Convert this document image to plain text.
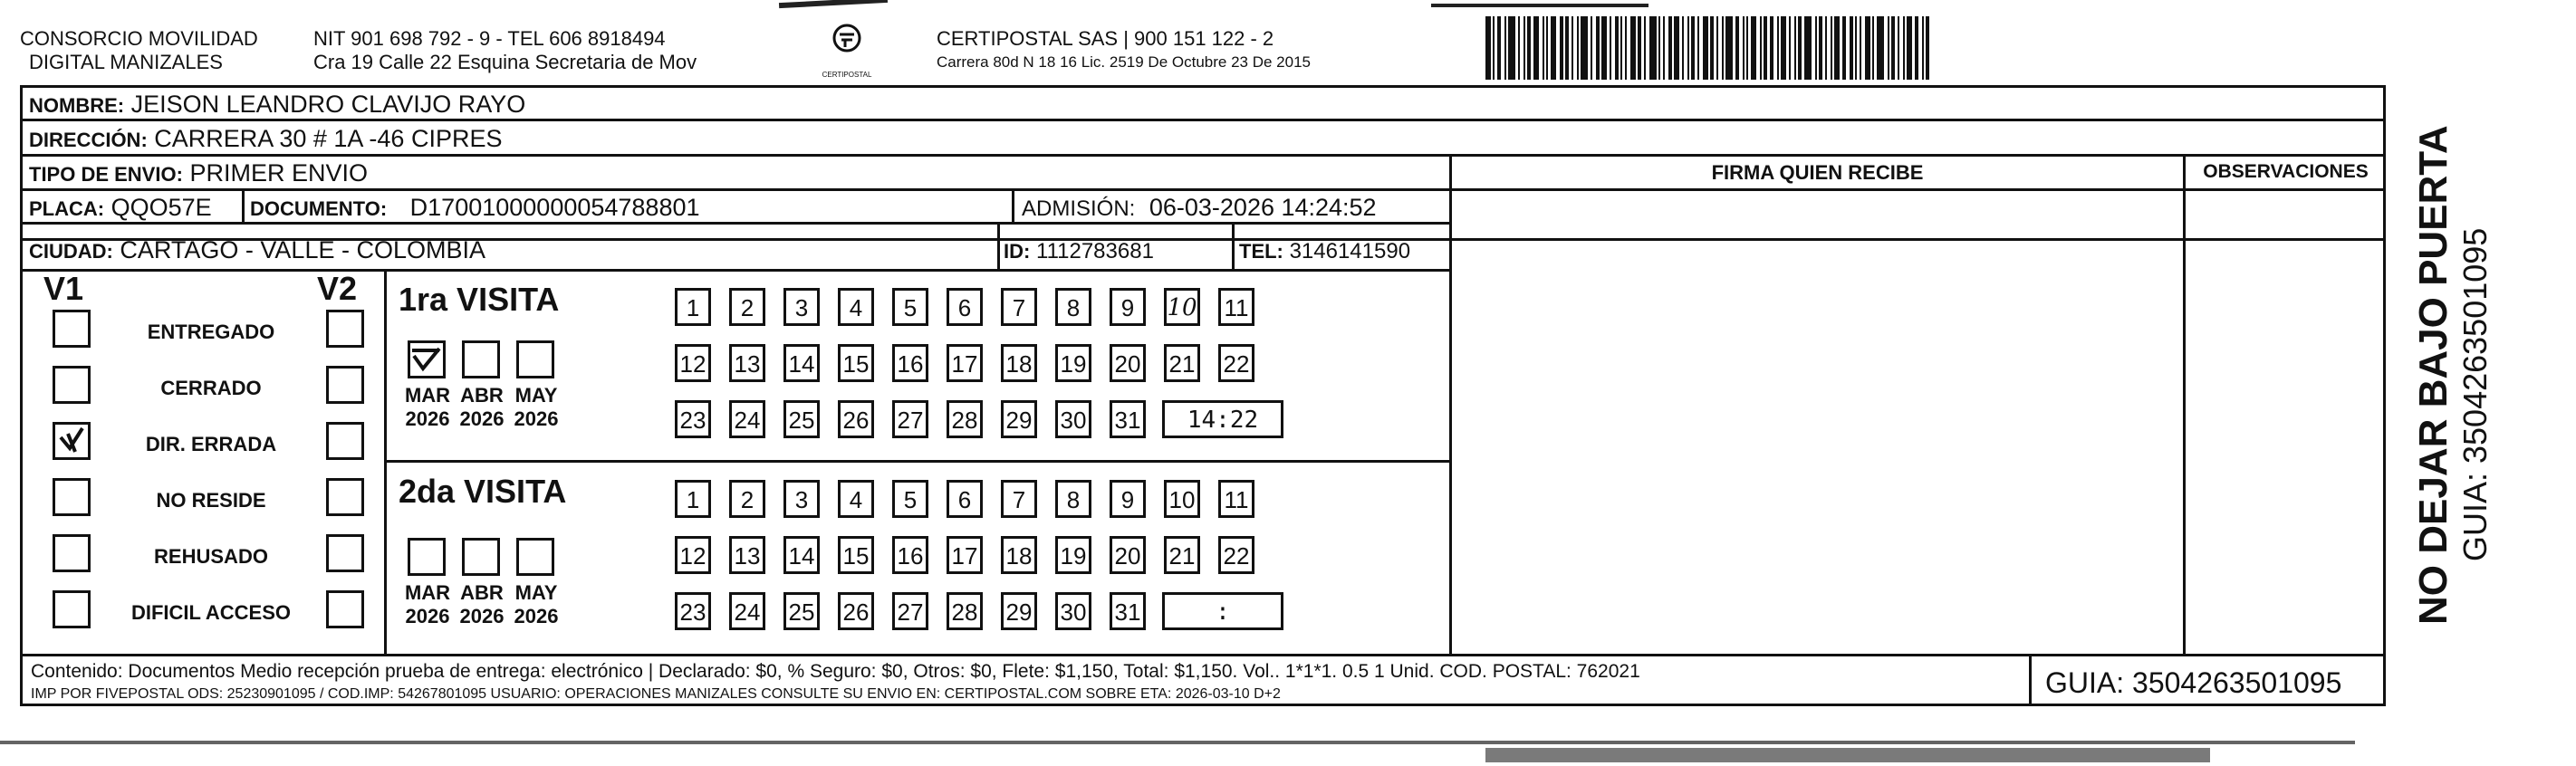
CONSORCIO MOVILIDAD
DIGITAL MANIZALES
NIT 901 698 792 - 9 - TEL 606 8918494
Cra 19 Calle 22 Esquina Secretaria de Mov
CERTIPOSTAL
CERTIPOSTAL SAS | 900 151 122 - 2
Carrera 80d N 18 16 Lic. 2519 De Octubre 23 De 2015
NOMBRE: JEISON LEANDRO CLAVIJO RAYO
DIRECCIÓN: CARRERA 30 # 1A -46 CIPRES
TIPO DE ENVIO: PRIMER ENVIO
PLACA: QQO57E DOCUMENTO: D17001000000054788801	ADMISIÓN: 06-03-2026 14:24:52
CIUDAD: CARTAGO - VALLE - COLOMBIA	ID: 1112783681	TEL: 3146141590
FIRMA QUIEN RECIBE	OBSERVACIONES
V1	V2
ENTREGADO
CERRADO
DIR. ERRADA
NO RESIDE
REHUSADO
DIFICIL ACCESO
1ra VISITA
2da VISITA
MAR
2026
ABR
2026
MAY
2026
MAR
2026
ABR
2026
MAY
2026
1	2	3	4	5	6	7	8	9	10 11
12 13 14 15 16 17 18 19 20 21 22
23 24 25 26 27 28 29 30 31	14:22
1	2	3	4	5	6	7	8	9	10 11
12 13 14 15 16 17 18 19 20 21 22
23 24 25 26 27 28 29 30 31	:
Contenido: Documentos Medio recepción prueba de entrega: electrónico | Declarado: $0, % Seguro: $0, Otros: $0, Flete: $1,150, Total: $1,150. Vol.. 1*1*1. 0.5 1 Unid. COD. POSTAL: 762021
IMP POR FIVEPOSTAL ODS: 25230901095 / COD.IMP: 54267801095 USUARIO: OPERACIONES MANIZALES CONSULTE SU ENVIO EN: CERTIPOSTAL.COM SOBRE ETA: 2026-03-10 D+2	GUIA: 3504263501095
NO DEJAR BAJO PUERTA GUIA: 3504263501095
